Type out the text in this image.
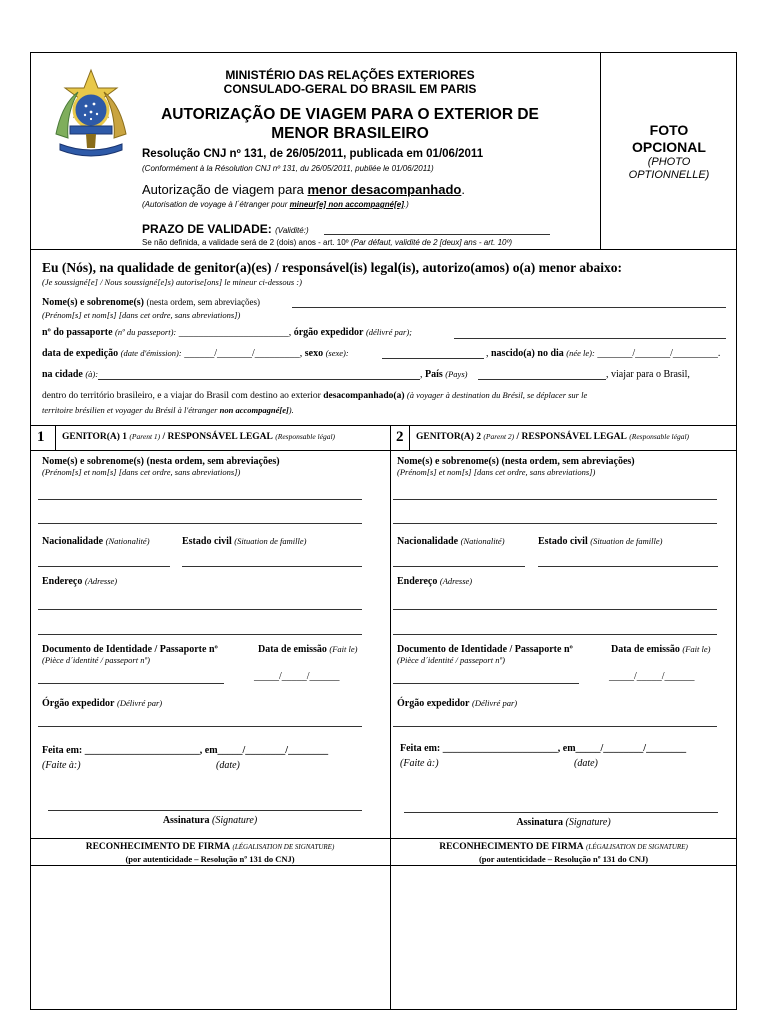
MINISTÉRIO DAS RELAÇÕES EXTERIORES
CONSULADO-GERAL DO BRASIL EM PARIS
AUTORIZAÇÃO DE VIAGEM PARA O EXTERIOR DE
MENOR BRASILEIRO
Resolução CNJ nº 131, de 26/05/2011, publicada em 01/06/2011
(Conformément à la Résolution CNJ nº 131, du 26/05/2011, publiée le 01/06/2011)
Autorização de viagem para menor desacompanhado.
(Autorisation de voyage à l´étranger pour mineur[e] non accompagné[e].)
PRAZO DE VALIDADE: (Validité:)
Se não definida, a validade será de 2 (dois) anos - art. 10º (Par défaut, validité de 2 [deux] ans - art. 10º)
FOTO
OPCIONAL
(PHOTO
OPTIONNELLE)
Eu (Nós), na qualidade de genitor(a)(es) / responsável(is) legal(is), autorizo(amos) o(a) menor abaixo:
(Je soussigné[e] / Nous soussigné[e]s) autorise[ons] le mineur ci-dessous :)
Nome(s) e sobrenome(s) (nesta ordem, sem abreviações)
(Prénom[s] et nom[s] [dans cet ordre, sans abreviations])
nº do passaporte (nº du passeport): ______________________, órgão expedidor (délivré par);
data de expedição (date d'émission): ______/_______/_________, sexo (sexe):	, nascido(a) no dia (née le): _______/_______/_________.
na cidade (à):	, País (Pays)	, viajar para o Brasil,
dentro do território brasileiro, e a viajar do Brasil com destino ao exterior desacompanhado(a) (à voyager à destination du Brésil, se déplacer sur le
territoire brésilien et voyager du Brésil à l'étranger non accompagné[e]).
1 GENITOR(A) 1 (Parent 1) / RESPONSÁVEL LEGAL (Responsable légal)	2 GENITOR(A) 2 (Parent 2) / RESPONSÁVEL LEGAL (Responsable légal)
Nome(s) e sobrenome(s) (nesta ordem, sem abreviações)
(Prénom[s] et nom[s] [dans cet ordre, sans abreviations])
Nacionalidade (Nationalité)	Estado civil (Situation de famille)
Endereço (Adresse)
Documento de Identidade / Passaporte nº
(Pièce d´identité / passeport nº)
Data de emissão (Fait le)
_____/_____/______
Órgão expedidor (Délivré par)
Feita em: _______________________, em_____/________/________
(Faite à:)	(date)
Assinatura (Signature)
RECONHECIMENTO DE FIRMA (LÉGALISATION DE SIGNATURE)
(por autenticidade – Resolução nº 131 do CNJ)
Nome(s) e sobrenome(s) (nesta ordem, sem abreviações)
(Prénom[s] et nom[s] [dans cet ordre, sans abreviations])
Nacionalidade (Nationalité)	Estado civil (Situation de famille)
Endereço (Adresse)
Documento de Identidade / Passaporte nº
(Pièce d´identité / passeport nº)
Data de emissão (Fait le)
_____/_____/______
Órgão expedidor (Délivré par)
Feita em: _______________________, em_____/________/________
(Faite à:)	(date)
Assinatura (Signature)
RECONHECIMENTO DE FIRMA (LÉGALISATION DE SIGNATURE)
(por autenticidade – Resolução nº 131 do CNJ)
